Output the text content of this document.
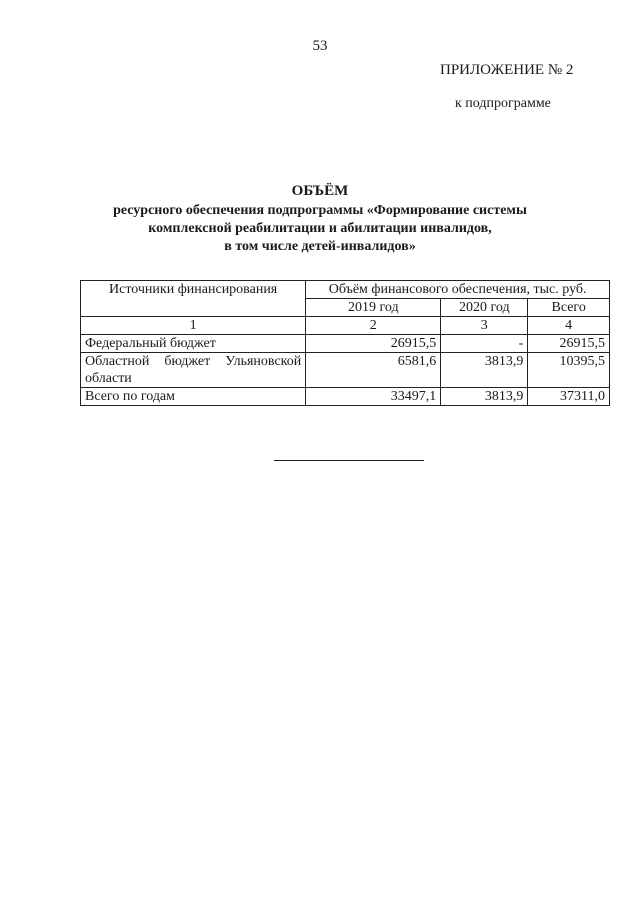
53
ПРИЛОЖЕНИЕ № 2
к подпрограмме
ОБЪЁМ
ресурсного обеспечения подпрограммы «Формирование системы
комплексной реабилитации и абилитации инвалидов,
в том числе детей-инвалидов»
Источники финансирования	Объём финансового обеспечения, тыс. руб.		
	2019 год	2020 год	Всего
1	2	3	4
Федеральный бюджет	26915,5	-	26915,5
Областной бюджет Ульяновской области	6581,6	3813,9	10395,5
Всего по годам	33497,1	3813,9	37311,0
